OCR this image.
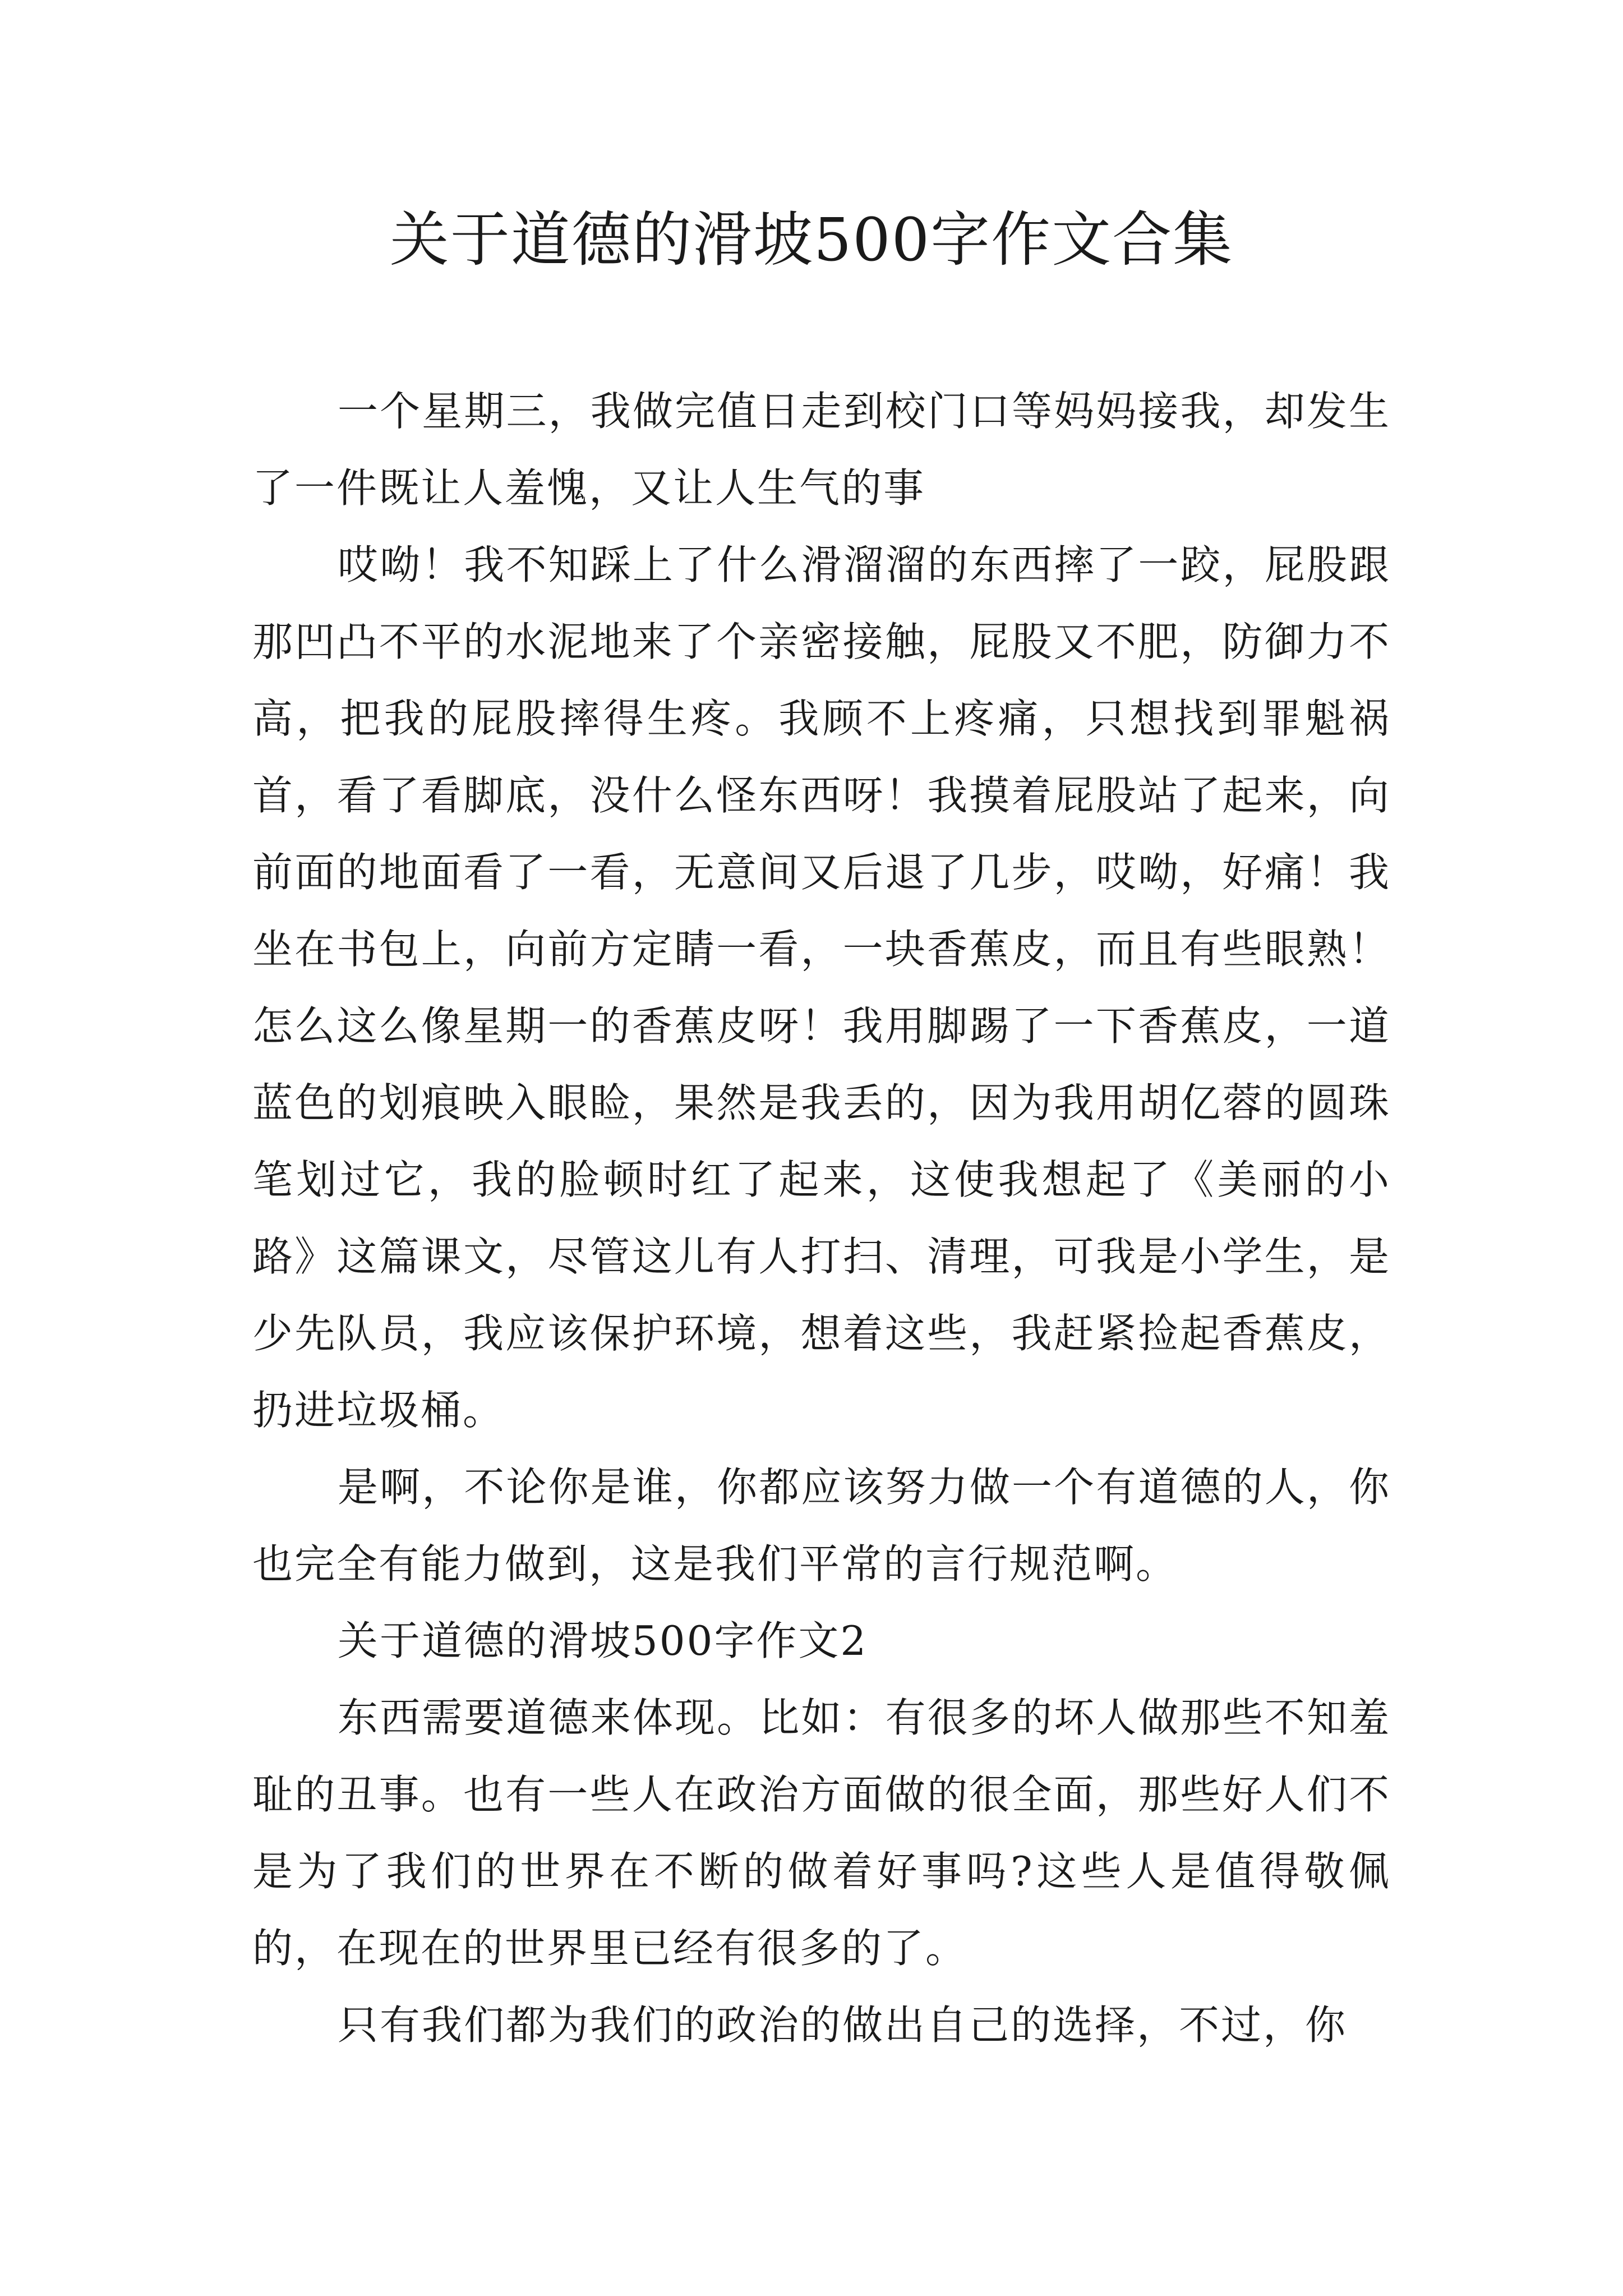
关于道德的滑坡500字作文合集

一个星期三，我做完值日走到校门口等妈妈接我，却发生了一件既让人羞愧，又让人生气的事

哎呦！我不知踩上了什么滑溜溜的东西摔了一跤，屁股跟那凹凸不平的水泥地来了个亲密接触，屁股又不肥，防御力不高，把我的屁股摔得生疼。我顾不上疼痛，只想找到罪魁祸首，看了看脚底，没什么怪东西呀！我摸着屁股站了起来，向前面的地面看了一看，无意间又后退了几步，哎呦，好痛！我坐在书包上，向前方定睛一看，一块香蕉皮，而且有些眼熟！怎么这么像星期一的香蕉皮呀！我用脚踢了一下香蕉皮，一道蓝色的划痕映入眼睑，果然是我丢的，因为我用胡亿蓉的圆珠笔划过它，我的脸顿时红了起来，这使我想起了《美丽的小路》这篇课文，尽管这儿有人打扫、清理，可我是小学生，是少先队员，我应该保护环境，想着这些，我赶紧捡起香蕉皮，扔进垃圾桶。

是啊，不论你是谁，你都应该努力做一个有道德的人，你也完全有能力做到，这是我们平常的言行规范啊。

关于道德的滑坡500字作文2

东西需要道德来体现。比如：有很多的坏人做那些不知羞耻的丑事。也有一些人在政治方面做的很全面，那些好人们不是为了我们的世界在不断的做着好事吗?这些人是值得敬佩的，在现在的世界里已经有很多的了。

只有我们都为我们的政治的做出自己的选择，不过，你
